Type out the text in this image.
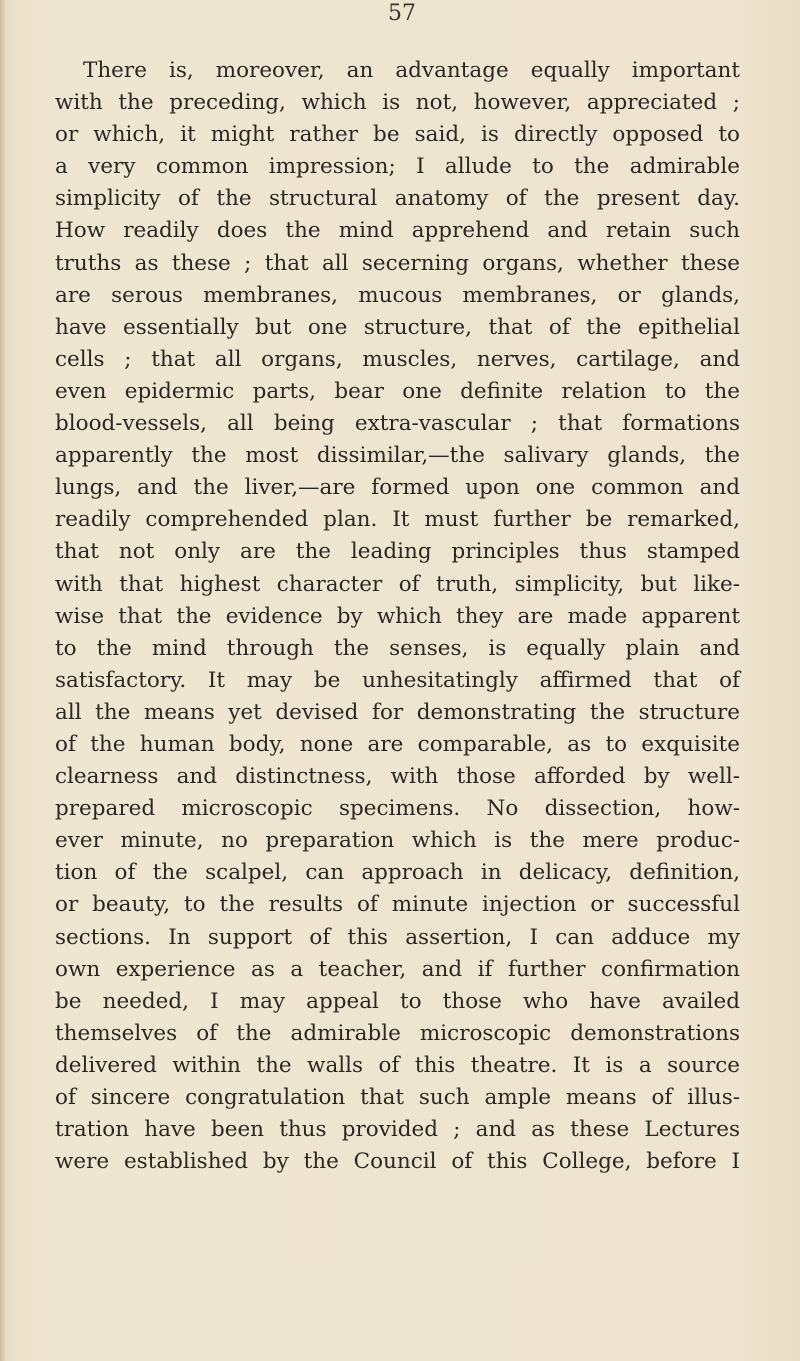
57
There is, moreover, an advantage equally important
with the preceding, which is not, however, appreciated ;
or which, it might rather be said, is directly opposed to
a very common impression; I allude to the admirable
simplicity of the structural anatomy of the present day.
How readily does the mind apprehend and retain such
truths as these ; that all secerning organs, whether these
are serous membranes, mucous membranes, or glands,
have essentially but one structure, that of the epithelial
cells ; that all organs, muscles, nerves, cartilage, and
even epidermic parts, bear one definite relation to the
blood-vessels, all being extra-vascular ; that formations
apparently the most dissimilar,—the salivary glands, the
lungs, and the liver,—are formed upon one common and
readily comprehended plan. It must further be remarked,
that not only are the leading principles thus stamped
with that highest character of truth, simplicity, but like-
wise that the evidence by which they are made apparent
to the mind through the senses, is equally plain and
satisfactory. It may be unhesitatingly affirmed that of
all the means yet devised for demonstrating the structure
of the human body, none are comparable, as to exquisite
clearness and distinctness, with those afforded by well-
prepared microscopic specimens. No dissection, how-
ever minute, no preparation which is the mere produc-
tion of the scalpel, can approach in delicacy, definition,
or beauty, to the results of minute injection or successful
sections. In support of this assertion, I can adduce my
own experience as a teacher, and if further confirmation
be needed, I may appeal to those who have availed
themselves of the admirable microscopic demonstrations
delivered within the walls of this theatre. It is a source
of sincere congratulation that such ample means of illus-
tration have been thus provided ; and as these Lectures
were established by the Council of this College, before I
